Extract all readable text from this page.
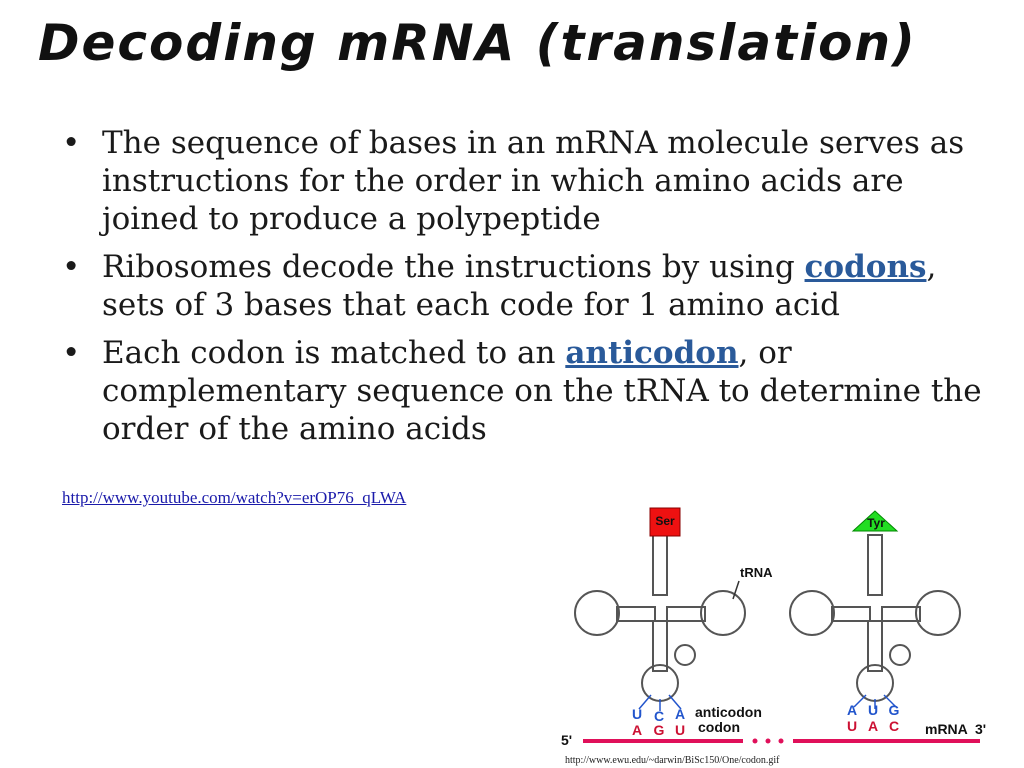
Decoding mRNA (translation)
• The sequence of bases in an mRNA molecule serves as instructions for the order in which amino acids are joined to produce a polypeptide
• Ribosomes decode the instructions by using codons, sets of 3 bases that each code for 1 amino acid
• Each codon is matched to an anticodon, or complementary sequence on the tRNA to determine the order of the amino acids
http://www.youtube.com/watch?v=erOP76_qLWA
Ser
tRNA
U C A
A G U
anticodon
codon
Tyr
A U G
U A C
5'
mRNA 3'
http://www.ewu.edu/~darwin/BiSc150/One/codon.gif
